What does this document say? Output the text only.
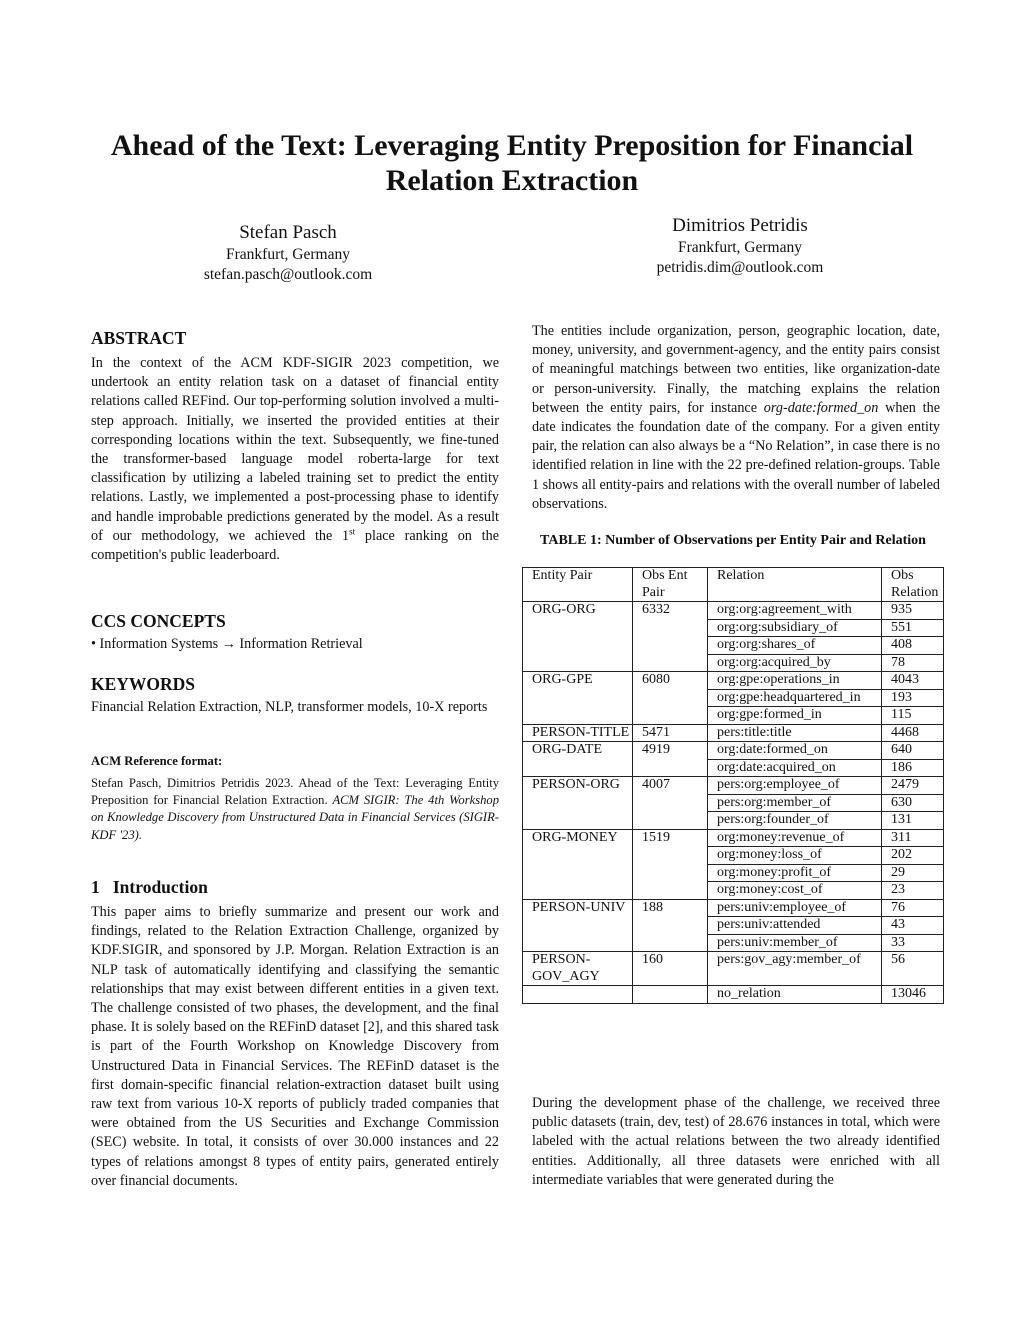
Ahead of the Text: Leveraging Entity Preposition for Financial Relation Extraction
Stefan Pasch
Frankfurt, Germany
stefan.pasch@outlook.com
Dimitrios Petridis
Frankfurt, Germany
petridis.dim@outlook.com
ABSTRACT

In the context of the ACM KDF-SIGIR 2023 competition, we undertook an entity relation task on a dataset of financial entity relations called REFind. Our top-performing solution involved a multi-step approach. Initially, we inserted the provided entities at their corresponding locations within the text. Subsequently, we fine-tuned the transformer-based language model roberta-large for text classification by utilizing a labeled training set to predict the entity relations. Lastly, we implemented a post-processing phase to identify and handle improbable predictions generated by the model. As a result of our methodology, we achieved the 1st place ranking on the competition's public leaderboard.

CCS CONCEPTS

• Information Systems → Information Retrieval

KEYWORDS

Financial Relation Extraction, NLP, transformer models, 10-X reports

ACM Reference format:

Stefan Pasch, Dimitrios Petridis 2023. Ahead of the Text: Leveraging Entity Preposition for Financial Relation Extraction. ACM SIGIR: The 4th Workshop on Knowledge Discovery from Unstructured Data in Financial Services (SIGIR-KDF '23).

1 Introduction

This paper aims to briefly summarize and present our work and findings, related to the Relation Extraction Challenge, organized by KDF.SIGIR, and sponsored by J.P. Morgan. Relation Extraction is an NLP task of automatically identifying and classifying the semantic relationships that may exist between different entities in a given text. The challenge consisted of two phases, the development, and the final phase. It is solely based on the REFinD dataset [2], and this shared task is part of the Fourth Workshop on Knowledge Discovery from Unstructured Data in Financial Services. The REFinD dataset is the first domain-specific financial relation-extraction dataset built using raw text from various 10-X reports of publicly traded companies that were obtained from the US Securities and Exchange Commission (SEC) website. In total, it consists of over 30.000 instances and 22 types of relations amongst 8 types of entity pairs, generated entirely over financial documents.

The entities include organization, person, geographic location, date, money, university, and government-agency, and the entity pairs consist of meaningful matchings between two entities, like organization-date or person-university. Finally, the matching explains the relation between the entity pairs, for instance org-date:formed_on when the date indicates the foundation date of the company. For a given entity pair, the relation can also always be a “No Relation”, in case there is no identified relation in line with the 22 pre-defined relation-groups. Table 1 shows all entity-pairs and relations with the overall number of labeled observations.

TABLE 1: Number of Observations per Entity Pair and Relation
Entity Pair	Obs Ent Pair	Relation	Obs Relation
ORG-ORG	6332	org:org:agreement_with	935
		org:org:subsidiary_of	551
		org:org:shares_of	408
		org:org:acquired_by	78
ORG-GPE	6080	org:gpe:operations_in	4043
		org:gpe:headquartered_in	193
		org:gpe:formed_in	115
PERSON-TITLE	5471	pers:title:title	4468
ORG-DATE	4919	org:date:formed_on	640
		org:date:acquired_on	186
PERSON-ORG	4007	pers:org:employee_of	2479
		pers:org:member_of	630
		pers:org:founder_of	131
ORG-MONEY	1519	org:money:revenue_of	311
		org:money:loss_of	202
		org:money:profit_of	29
		org:money:cost_of	23
PERSON-UNIV	188	pers:univ:employee_of	76
		pers:univ:attended	43
		pers:univ:member_of	33
PERSON-GOV_AGY	160	pers:gov_agy:member_of	56
		no_relation	13046

During the development phase of the challenge, we received three public datasets (train, dev, test) of 28.676 instances in total, which were labeled with the actual relations between the two already identified entities. Additionally, all three datasets were enriched with all intermediate variables that were generated during the
